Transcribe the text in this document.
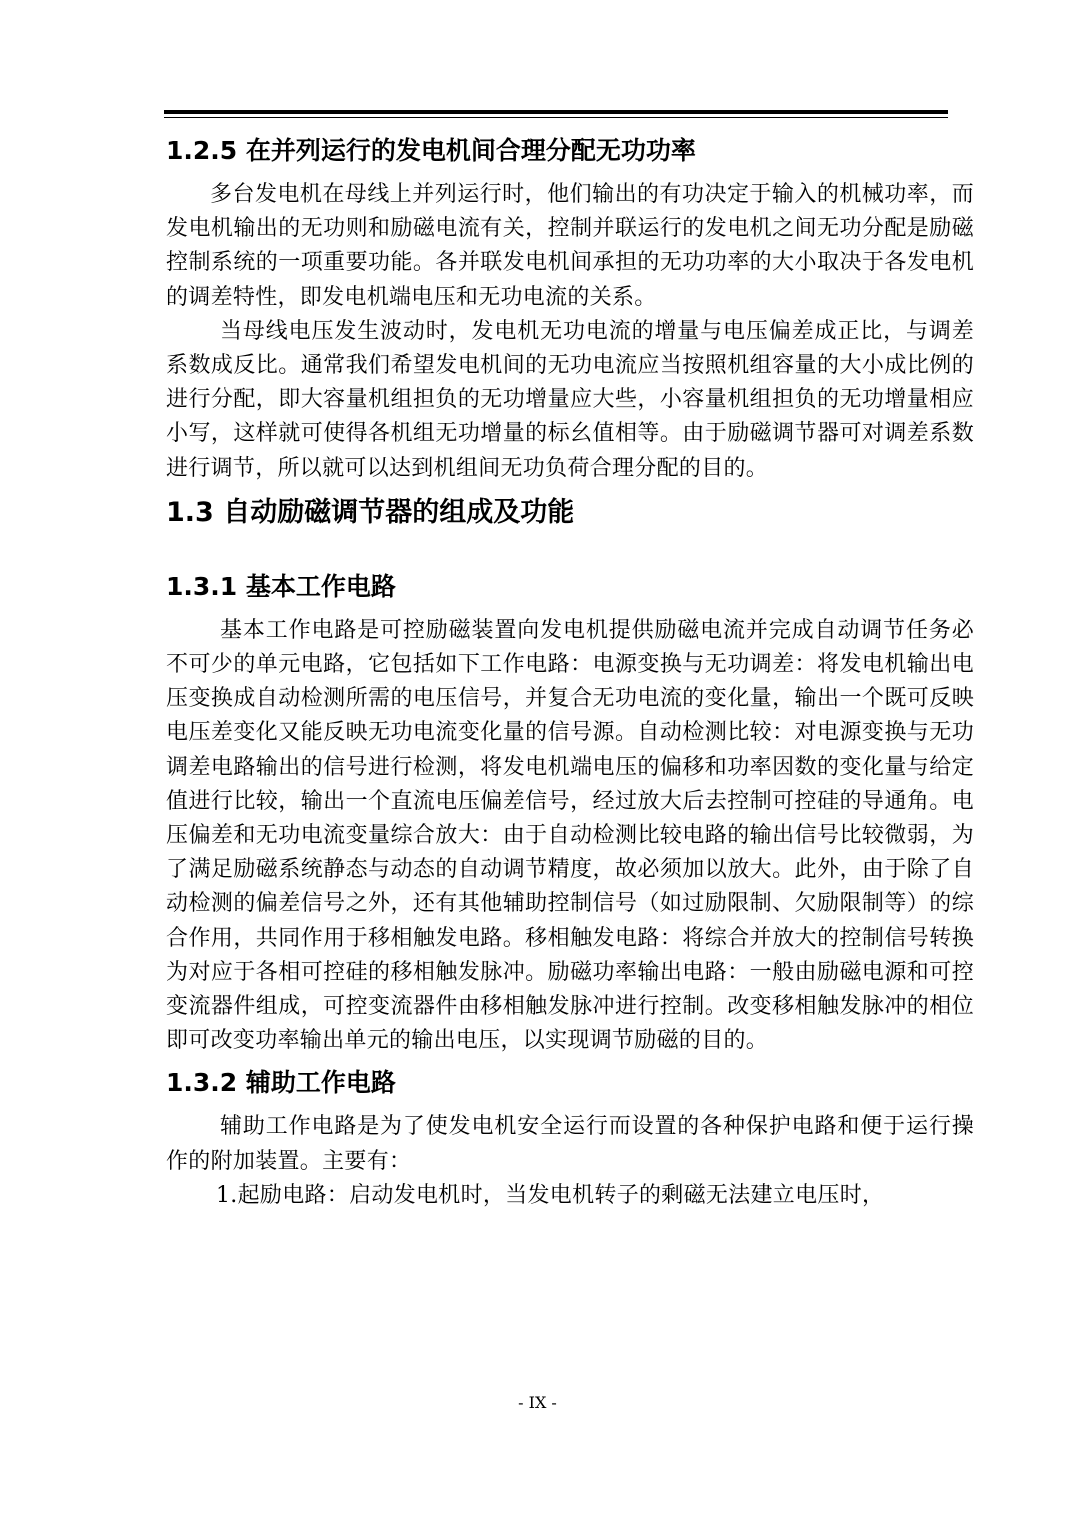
1.2.5 在并列运行的发电机间合理分配无功功率

多台发电机在母线上并列运行时，他们输出的有功决定于输入的机械功率，而发电机输出的无功则和励磁电流有关，控制并联运行的发电机之间无功分配是励磁控制系统的一项重要功能。各并联发电机间承担的无功功率的大小取决于各发电机的调差特性，即发电机端电压和无功电流的关系。

当母线电压发生波动时，发电机无功电流的增量与电压偏差成正比，与调差系数成反比。通常我们希望发电机间的无功电流应当按照机组容量的大小成比例的进行分配，即大容量机组担负的无功增量应大些，小容量机组担负的无功增量相应小写，这样就可使得各机组无功增量的标幺值相等。由于励磁调节器可对调差系数进行调节，所以就可以达到机组间无功负荷合理分配的目的。

1.3 自动励磁调节器的组成及功能
1.3.1 基本工作电路

基本工作电路是可控励磁装置向发电机提供励磁电流并完成自动调节任务必不可少的单元电路，它包括如下工作电路：电源变换与无功调差：将发电机输出电压变换成自动检测所需的电压信号，并复合无功电流的变化量，输出一个既可反映电压差变化又能反映无功电流变化量的信号源。自动检测比较：对电源变换与无功调差电路输出的信号进行检测，将发电机端电压的偏移和功率因数的变化量与给定值进行比较，输出一个直流电压偏差信号，经过放大后去控制可控硅的导通角。电压偏差和无功电流变量综合放大：由于自动检测比较电路的输出信号比较微弱，为了满足励磁系统静态与动态的自动调节精度，故必须加以放大。此外，由于除了自动检测的偏差信号之外，还有其他辅助控制信号（如过励限制、欠励限制等）的综合作用，共同作用于移相触发电路。移相触发电路：将综合并放大的控制信号转换为对应于各相可控硅的移相触发脉冲。励磁功率输出电路：一般由励磁电源和可控变流器件组成，可控变流器件由移相触发脉冲进行控制。改变移相触发脉冲的相位即可改变功率输出单元的输出电压，以实现调节励磁的目的。

1.3.2 辅助工作电路

辅助工作电路是为了使发电机安全运行而设置的各种保护电路和便于运行操作的附加装置。主要有：

1.起励电路：启动发电机时，当发电机转子的剩磁无法建立电压时，

- IX -
